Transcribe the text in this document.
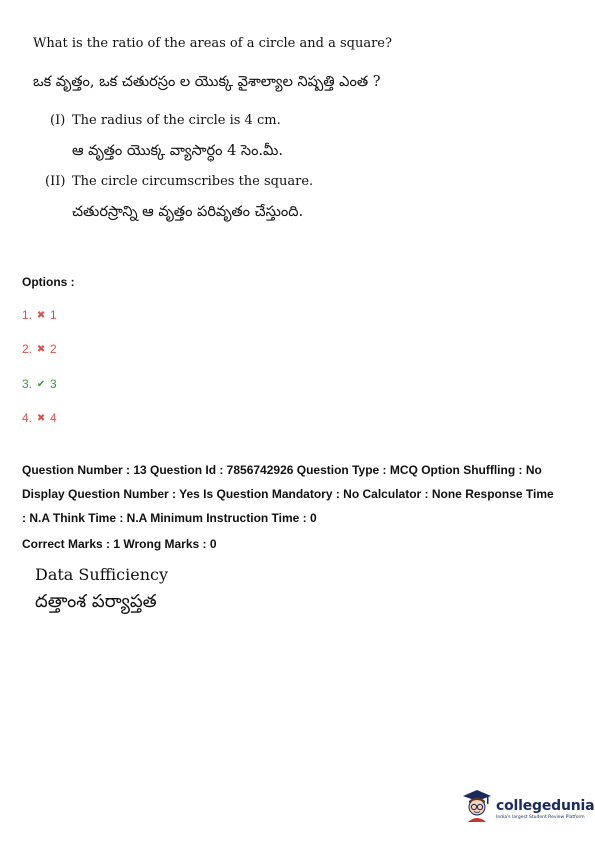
What is the ratio of the areas of a circle and a square?
ఒక వృత్తం, ఒక చతురస్రం ల యొక్క వైశాల్యాల నిష్పత్తి ఎంత ?
(I) The radius of the circle is 4 cm.
ఆ వృత్తం యొక్క వ్యాసార్ధం 4 సెం.మీ.
(II) The circle circumscribes the square.
చతురస్రాన్ని ఆ వృత్తం పరివృతం చేస్తుంది.
Options :
1. ✖ 1
2. ✖ 2
3. ✔ 3
4. ✖ 4
Question Number : 13 Question Id : 7856742926 Question Type : MCQ Option Shuffling : No
Display Question Number : Yes Is Question Mandatory : No Calculator : None Response Time
: N.A Think Time : N.A Minimum Instruction Time : 0
Correct Marks : 1 Wrong Marks : 0
Data Sufficiency
దత్తాంశ పర్యాప్తత
collegedunia
India's largest Student Review Platform
